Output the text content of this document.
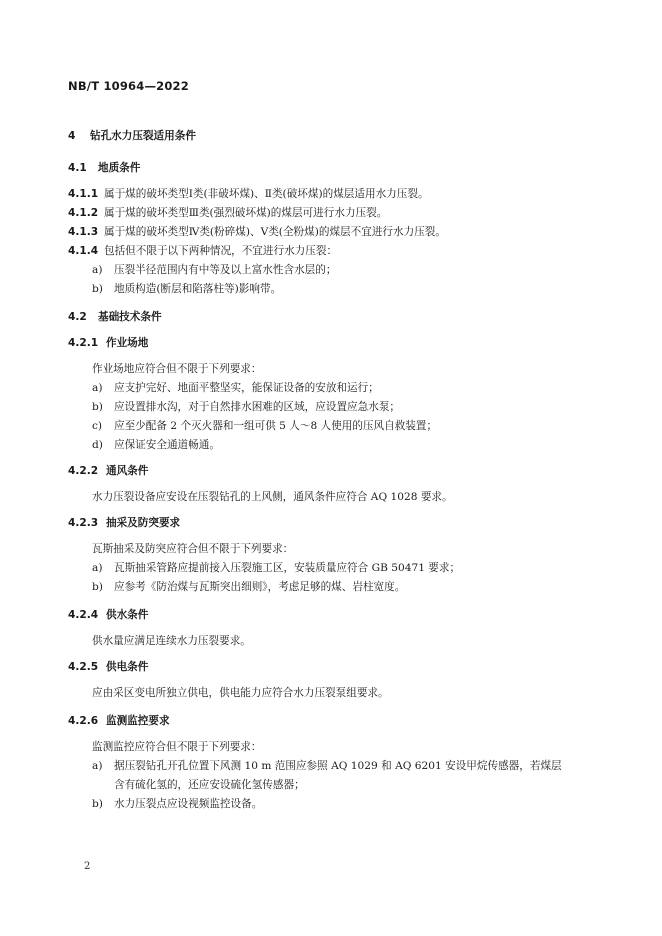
NB/T 10964—2022
4 钻孔水力压裂适用条件
4.1 地质条件
4.1.1 属于煤的破坏类型Ⅰ类(非破坏煤)、Ⅱ类(破坏煤)的煤层适用水力压裂。
4.1.2 属于煤的破坏类型Ⅲ类(强烈破坏煤)的煤层可进行水力压裂。
4.1.3 属于煤的破坏类型Ⅳ类(粉碎煤)、Ⅴ类(全粉煤)的煤层不宜进行水力压裂。
4.1.4 包括但不限于以下两种情况，不宜进行水力压裂：
a) 压裂半径范围内有中等及以上富水性含水层的；
b) 地质构造(断层和陷落柱等)影响带。
4.2 基础技术条件
4.2.1 作业场地
作业场地应符合但不限于下列要求：
a) 应支护完好、地面平整坚实，能保证设备的安放和运行；
b) 应设置排水沟，对于自然排水困难的区域，应设置应急水泵；
c) 应至少配备 2 个灭火器和一组可供 5 人～8 人使用的压风自救装置；
d) 应保证安全通道畅通。
4.2.2 通风条件
水力压裂设备应安设在压裂钻孔的上风侧，通风条件应符合 AQ 1028 要求。
4.2.3 抽采及防突要求
瓦斯抽采及防突应符合但不限于下列要求：
a) 瓦斯抽采管路应提前接入压裂施工区，安装质量应符合 GB 50471 要求；
b) 应参考《防治煤与瓦斯突出细则》，考虑足够的煤、岩柱宽度。
4.2.4 供水条件
供水量应满足连续水力压裂要求。
4.2.5 供电条件
应由采区变电所独立供电，供电能力应符合水力压裂泵组要求。
4.2.6 监测监控要求
监测监控应符合但不限于下列要求：
a) 据压裂钻孔开孔位置下风测 10 m 范围应参照 AQ 1029 和 AQ 6201 安设甲烷传感器，若煤层
含有硫化氢的，还应安设硫化氢传感器；
b) 水力压裂点应设视频监控设备。
2
